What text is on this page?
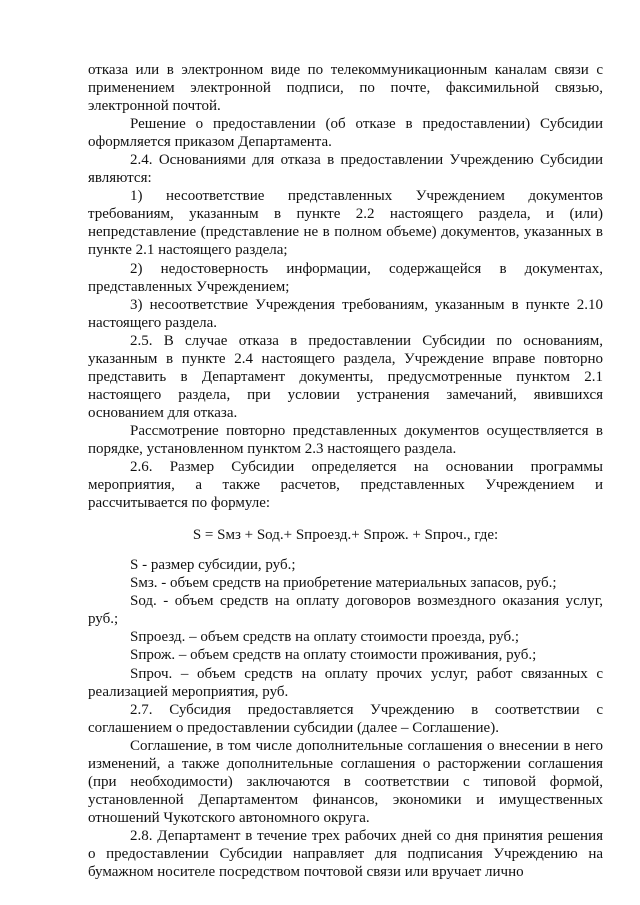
отказа или в электронном виде по телекоммуникационным каналам связи с применением электронной подписи, по почте, факсимильной связью, электронной почтой.

Решение о предоставлении (об отказе в предоставлении) Субсидии оформляется приказом Департамента.

2.4. Основаниями для отказа в предоставлении Учреждению Субсидии являются:

1) несоответствие представленных Учреждением документов требованиям, указанным в пункте 2.2 настоящего раздела, и (или) непредставление (представление не в полном объеме) документов, указанных в пункте 2.1 настоящего раздела;

2) недостоверность информации, содержащейся в документах, представленных Учреждением;

3) несоответствие Учреждения требованиям, указанным в пункте 2.10 настоящего раздела.

2.5. В случае отказа в предоставлении Субсидии по основаниям, указанным в пункте 2.4 настоящего раздела, Учреждение вправе повторно представить в Департамент документы, предусмотренные пунктом 2.1 настоящего раздела, при условии устранения замечаний, явившихся основанием для отказа.

Рассмотрение повторно представленных документов осуществляется в порядке, установленном пунктом 2.3 настоящего раздела.

2.6. Размер Субсидии определяется на основании программы мероприятия, а также расчетов, представленных Учреждением и рассчитывается по формуле:

S = Sмз + Sод.+ Sпроезд.+ Sпрож. + Sпроч., где:

S - размер субсидии, руб.;

Sмз. - объем средств на приобретение материальных запасов, руб.;

Sод. - объем средств на оплату договоров возмездного оказания услуг, руб.;

Sпроезд. – объем средств на оплату стоимости проезда, руб.;

Sпрож. – объем средств на оплату стоимости проживания, руб.;

Sпроч. – объем средств на оплату прочих услуг, работ связанных с реализацией мероприятия, руб.

2.7. Субсидия предоставляется Учреждению в соответствии с соглашением о предоставлении субсидии (далее – Соглашение).

Соглашение, в том числе дополнительные соглашения о внесении в него изменений, а также дополнительные соглашения о расторжении соглашения (при необходимости) заключаются в соответствии с типовой формой, установленной Департаментом финансов, экономики и имущественных отношений Чукотского автономного округа.

2.8. Департамент в течение трех рабочих дней со дня принятия решения о предоставлении Субсидии направляет для подписания Учреждению на бумажном носителе посредством почтовой связи или вручает лично
